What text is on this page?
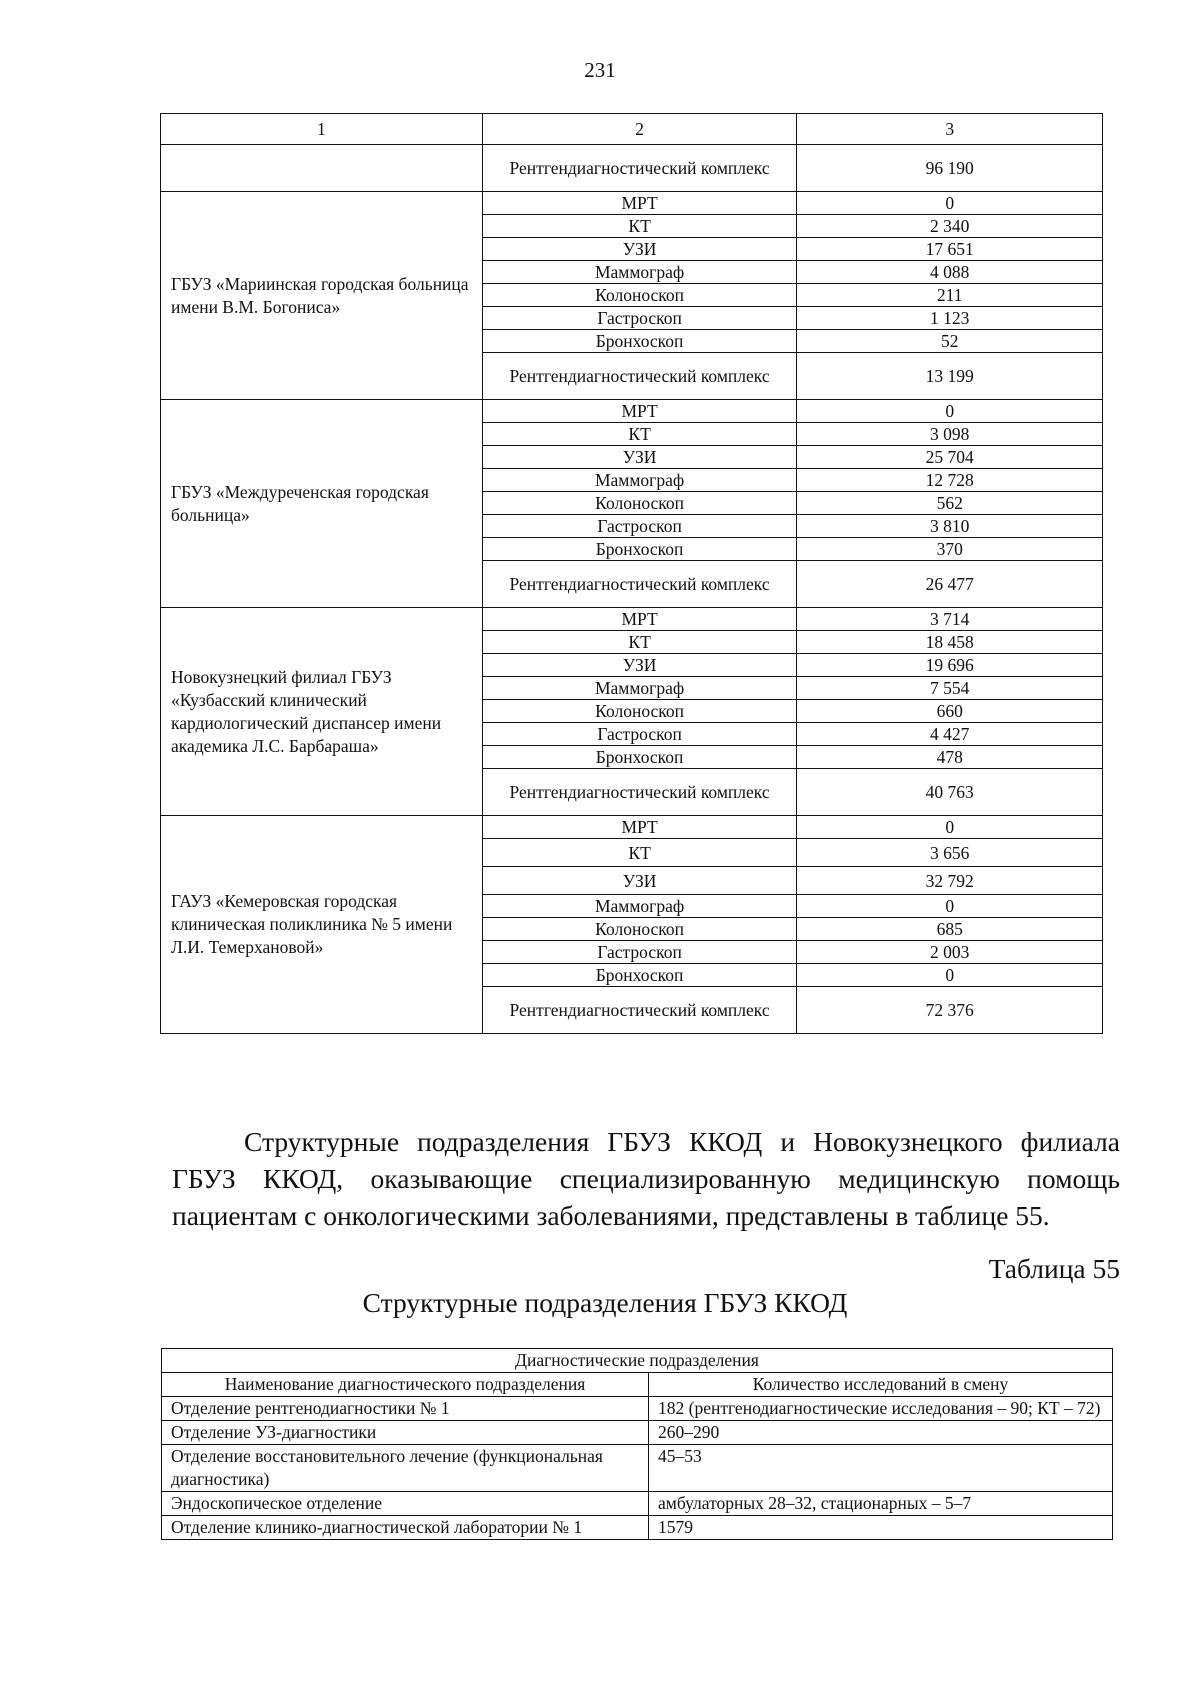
231
1	2	3
	Рентгендиагностический комплекс	96 190
ГБУЗ «Мариинская городская больница имени В.М. Богониса»	МРТ	0
	КТ	2 340
	УЗИ	17 651
	Маммограф	4 088
	Колоноскоп	211
	Гастроскоп	1 123
	Бронхоскоп	52
	Рентгендиагностический комплекс	13 199
ГБУЗ «Междуреченская городская больница»	МРТ	0
	КТ	3 098
	УЗИ	25 704
	Маммограф	12 728
	Колоноскоп	562
	Гастроскоп	3 810
	Бронхоскоп	370
	Рентгендиагностический комплекс	26 477
Новокузнецкий филиал ГБУЗ «Кузбасский клинический кардиологический диспансер имени академика Л.С. Барбараша»	МРТ	3 714
	КТ	18 458
	УЗИ	19 696
	Маммограф	7 554
	Колоноскоп	660
	Гастроскоп	4 427
	Бронхоскоп	478
	Рентгендиагностический комплекс	40 763
ГАУЗ «Кемеровская городская клиническая поликлиника № 5 имени Л.И. Темерхановой»	МРТ	0
	КТ	3 656
	УЗИ	32 792
	Маммограф	0
	Колоноскоп	685
	Гастроскоп	2 003
	Бронхоскоп	0
	Рентгендиагностический комплекс	72 376

Структурные подразделения ГБУЗ ККОД и Новокузнецкого филиала ГБУЗ ККОД, оказывающие специализированную медицинскую помощь пациентам с онкологическими заболеваниями, представлены в таблице 55.

Таблица 55
Структурные подразделения ГБУЗ ККОД
Диагностические подразделения	
Наименование диагностического подразделения	Количество исследований в смену
Отделение рентгенодиагностики № 1	182 (рентгенодиагностические исследования – 90; КТ – 72)
Отделение УЗ-диагностики	260–290
Отделение восстановительного лечение (функциональная диагностика)	45–53
Эндоскопическое отделение	амбулаторных 28–32, стационарных – 5–7
Отделение клинико-диагностической лаборатории № 1	1579
